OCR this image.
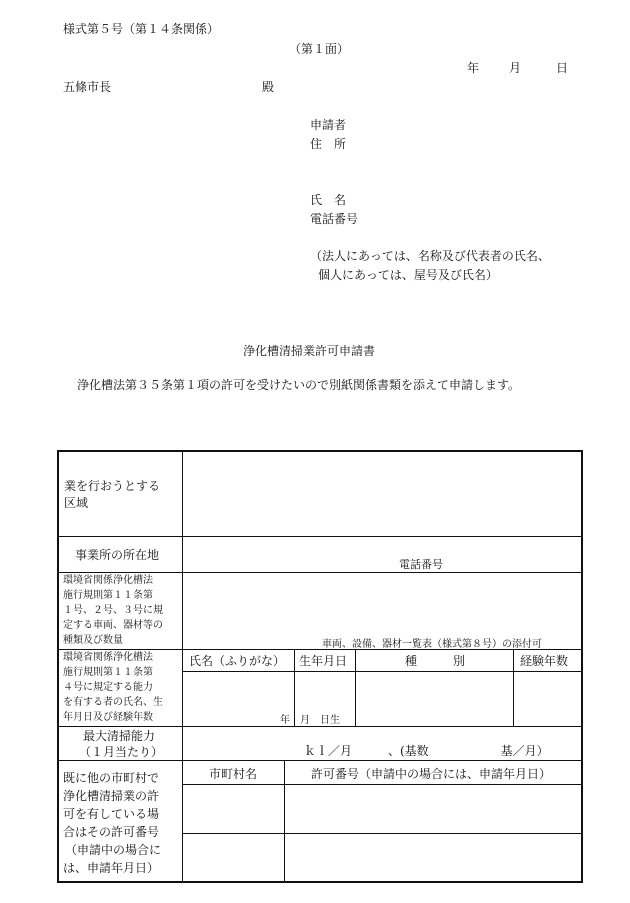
様式第５号（第１４条関係）
（第１面）
年 月	日
五條市長	殿
申請者
住　所
氏　名
電話番号
（法人にあっては、名称及び代表者の氏名、
個人にあっては、屋号及び氏名）
浄化槽清掃業許可申請書
浄化槽法第３５条第１項の許可を受けたいので別紙関係書類を添えて申請します。
業を行おうとする
区域
事業所の所在地
電話番号
環境省関係浄化槽法
施行規則第１１条第
１号、２号、３号に規
定する車両、器材等の
種類及び数量	車両、設備、器材一覧表（様式第８号）の添付可
環境省関係浄化槽法
施行規則第１１条第
４号に規定する能力
を有する者の氏名、生
年月日及び経験年数
氏名（ふりがな） 生年月日	種　　　別	経験年数
年　月　日生
最大清掃能力
（１月当たり）	ｋｌ／月　　　、(基数　　　　　　基／月）
既に他の市町村で
浄化槽清掃業の許
可を有している場
合はその許可番号
（申請中の場合に
は、申請年月日）
市町村名	許可番号（申請中の場合には、申請年月日）
